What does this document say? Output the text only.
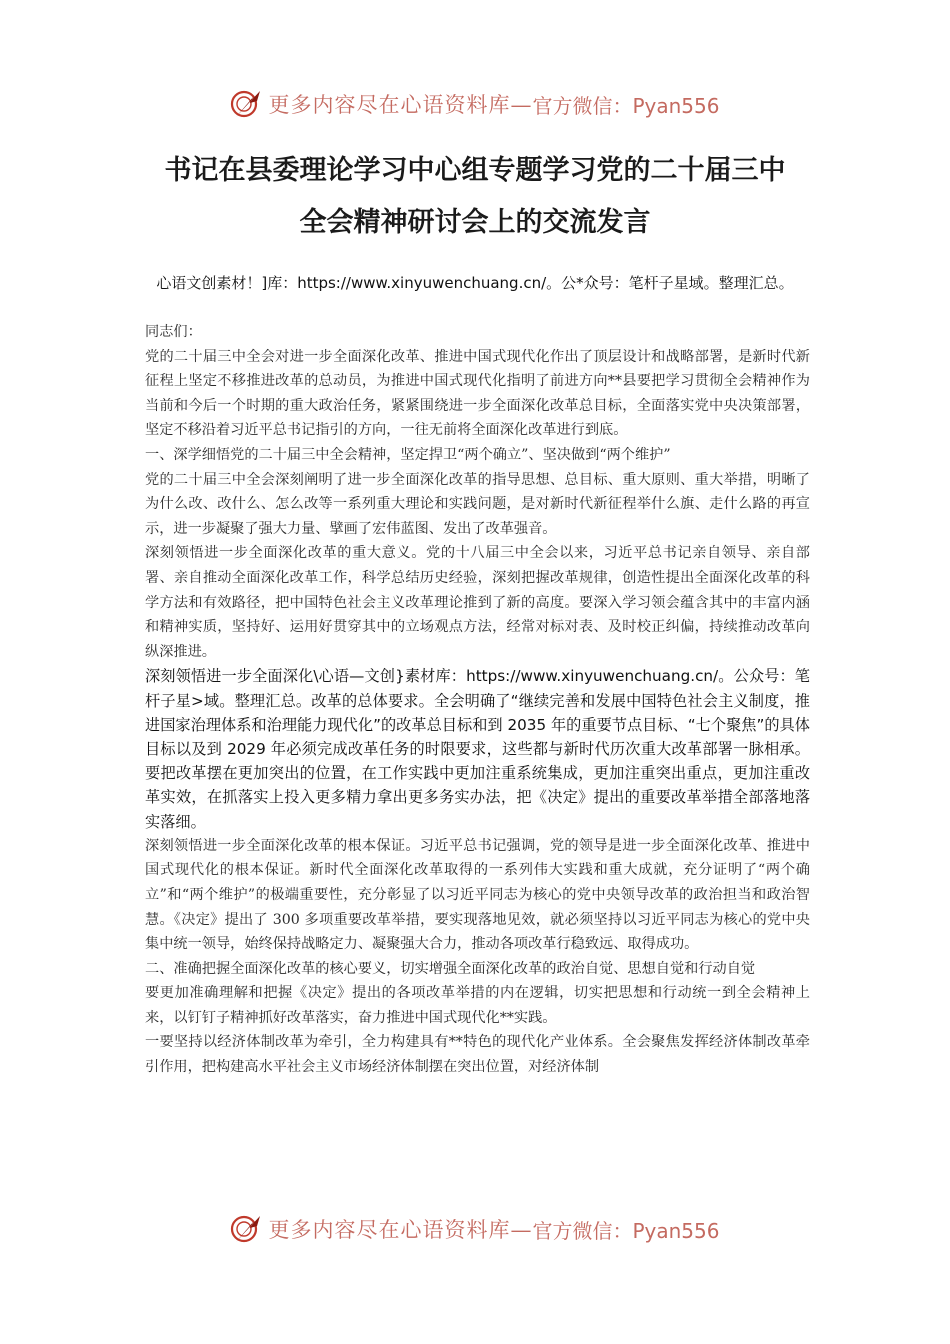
更多内容尽在心语资料库— 官方微信：Pyan556
书记在县委理论学习中心组专题学习党的二十届三中
全会精神研讨会上的交流发言
心语文创素材！]库：https://www.xinyuwenchuang.cn/。公*众号：笔杆子星域。整理汇总。

同志们：

党的二十届三中全会对进一步全面深化改革、推进中国式现代化作出了顶层设计和战略部署，是新时代新征程上坚定不移推进改革的总动员，为推进中国式现代化指明了前进方向**县要把学习贯彻全会精神作为当前和今后一个时期的重大政治任务，紧紧围绕进一步全面深化改革总目标，全面落实党中央决策部署，坚定不移沿着习近平总书记指引的方向，一往无前将全面深化改革进行到底。

一、深学细悟党的二十届三中全会精神，坚定捍卫“两个确立”、坚决做到“两个维护”

党的二十届三中全会深刻阐明了进一步全面深化改革的指导思想、总目标、重大原则、重大举措，明晰了为什么改、改什么、怎么改等一系列重大理论和实践问题，是对新时代新征程举什么旗、走什么路的再宣示，进一步凝聚了强大力量、擘画了宏伟蓝图、发出了改革强音。

深刻领悟进一步全面深化改革的重大意义。党的十八届三中全会以来，习近平总书记亲自领导、亲自部署、亲自推动全面深化改革工作，科学总结历史经验，深刻把握改革规律，创造性提出全面深化改革的科学方法和有效路径，把中国特色社会主义改革理论推到了新的高度。要深入学习领会蕴含其中的丰富内涵和精神实质，坚持好、运用好贯穿其中的立场观点方法，经常对标对表、及时校正纠偏，持续推动改革向纵深推进。

深刻领悟进一步全面深化\心语—文创}素材库：https://www.xinyuwenchuang.cn/。公众号：笔杆子星>域。整理汇总。改革的总体要求。全会明确了“继续完善和发展中国特色社会主义制度，推进国家治理体系和治理能力现代化”的改革总目标和到 2035 年的重要节点目标、“七个聚焦”的具体目标以及到 2029 年必须完成改革任务的时限要求，这些都与新时代历次重大改革部署一脉相承。要把改革摆在更加突出的位置，在工作实践中更加注重系统集成，更加注重突出重点，更加注重改革实效，在抓落实上投入更多精力拿出更多务实办法，把《决定》提出的重要改革举措全部落地落实落细。

深刻领悟进一步全面深化改革的根本保证。习近平总书记强调，党的领导是进一步全面深化改革、推进中国式现代化的根本保证。新时代全面深化改革取得的一系列伟大实践和重大成就，充分证明了“两个确立”和“两个维护”的极端重要性，充分彰显了以习近平同志为核心的党中央领导改革的政治担当和政治智慧。《决定》提出了 300 多项重要改革举措，要实现落地见效，就必须坚持以习近平同志为核心的党中央集中统一领导，始终保持战略定力、凝聚强大合力，推动各项改革行稳致远、取得成功。

二、准确把握全面深化改革的核心要义，切实增强全面深化改革的政治自觉、思想自觉和行动自觉

要更加准确理解和把握《决定》提出的各项改革举措的内在逻辑，切实把思想和行动统一到全会精神上来，以钉钉子精神抓好改革落实，奋力推进中国式现代化**实践。

一要坚持以经济体制改革为牵引，全力构建具有**特色的现代化产业体系。全会聚焦发挥经济体制改革牵引作用，把构建高水平社会主义市场经济体制摆在突出位置，对经济体制

更多内容尽在心语资料库— 官方微信：Pyan556
